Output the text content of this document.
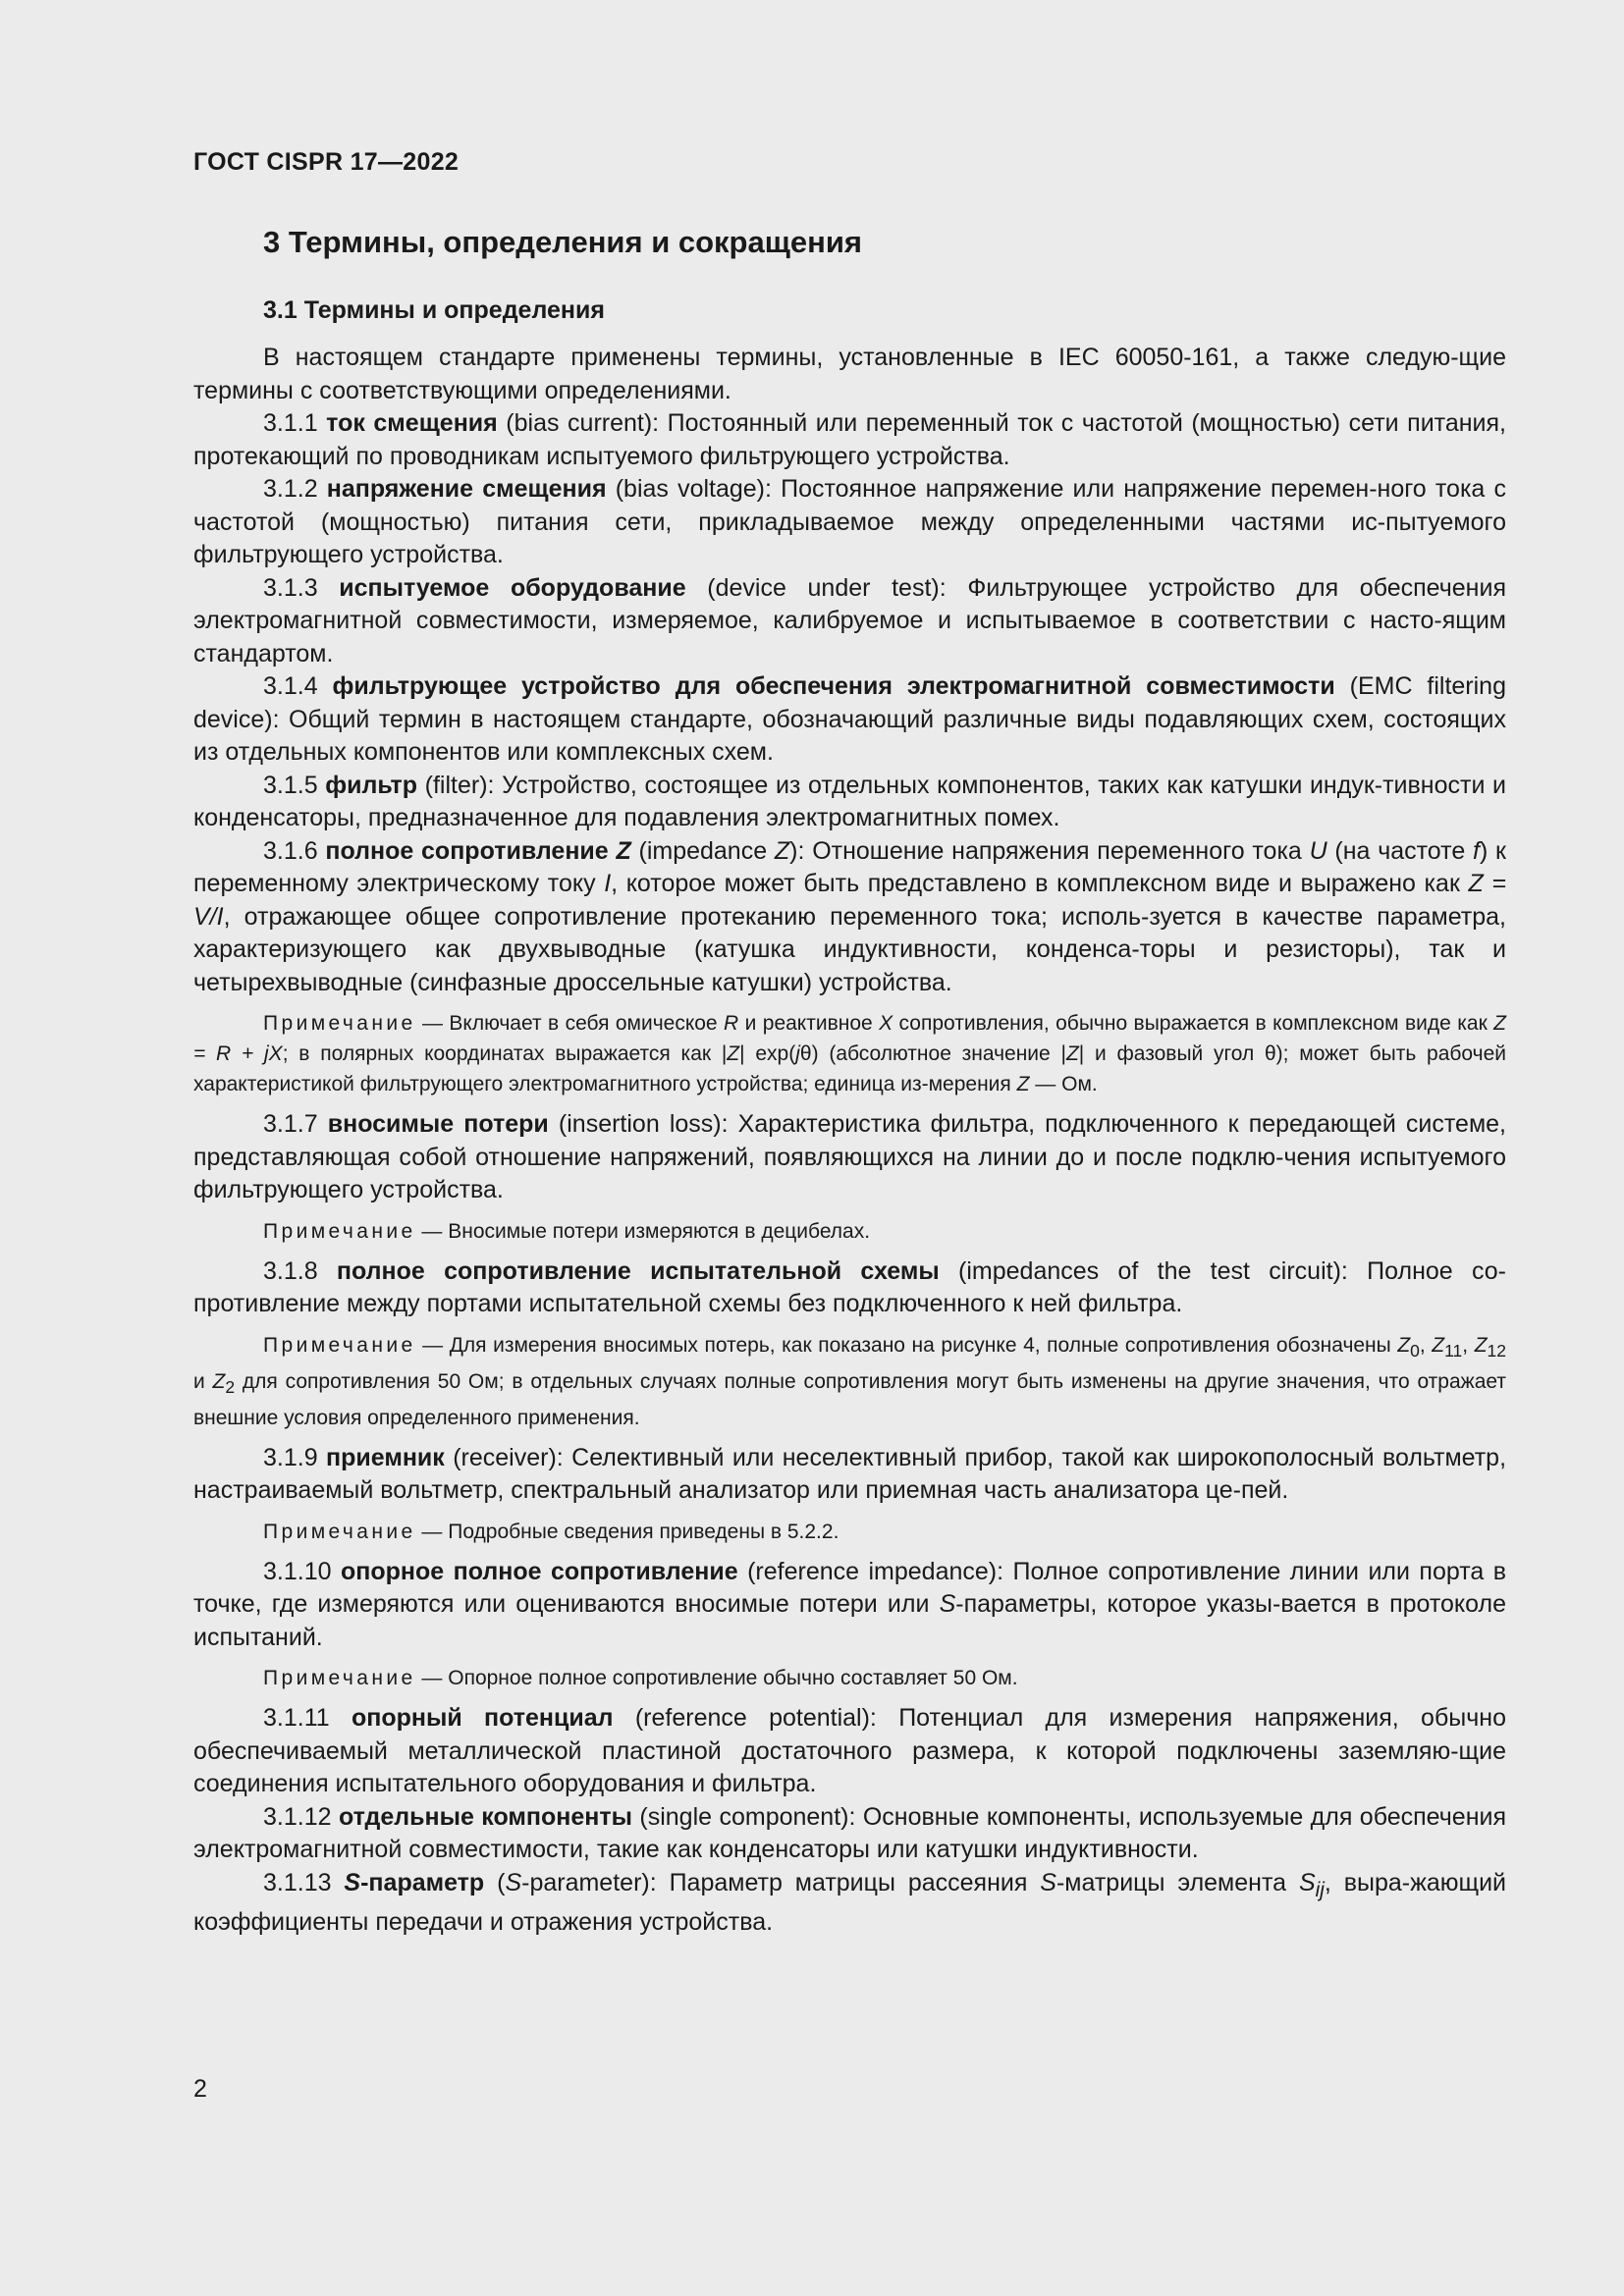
ГОСТ CISPR 17—2022
3 Термины, определения и сокращения
3.1 Термины и определения

В настоящем стандарте применены термины, установленные в IEC 60050-161, а также следую-щие термины с соответствующими определениями.

3.1.1 ток смещения (bias current): Постоянный или переменный ток с частотой (мощностью) сети питания, протекающий по проводникам испытуемого фильтрующего устройства.

3.1.2 напряжение смещения (bias voltage): Постоянное напряжение или напряжение перемен-ного тока с частотой (мощностью) питания сети, прикладываемое между определенными частями ис-пытуемого фильтрующего устройства.

3.1.3 испытуемое оборудование (device under test): Фильтрующее устройство для обеспечения электромагнитной совместимости, измеряемое, калибруемое и испытываемое в соответствии с насто-ящим стандартом.

3.1.4 фильтрующее устройство для обеспечения электромагнитной совместимости (EMC filtering device): Общий термин в настоящем стандарте, обозначающий различные виды подавляющих схем, состоящих из отдельных компонентов или комплексных схем.

3.1.5 фильтр (filter): Устройство, состоящее из отдельных компонентов, таких как катушки индук-тивности и конденсаторы, предназначенное для подавления электромагнитных помех.

3.1.6 полное сопротивление Z (impedance Z): Отношение напряжения переменного тока U (на частоте f) к переменному электрическому току I, которое может быть представлено в комплексном виде и выражено как Z = V/I, отражающее общее сопротивление протеканию переменного тока; исполь-зуется в качестве параметра, характеризующего как двухвыводные (катушка индуктивности, конденса-торы и резисторы), так и четырехвыводные (синфазные дроссельные катушки) устройства.

Примечание — Включает в себя омическое R и реактивное X сопротивления, обычно выражается в комплексном виде как Z = R + jX; в полярных координатах выражается как |Z| exp(jθ) (абсолютное значение |Z| и фазовый угол θ); может быть рабочей характеристикой фильтрующего электромагнитного устройства; единица из-мерения Z — Ом.

3.1.7 вносимые потери (insertion loss): Характеристика фильтра, подключенного к передающей системе, представляющая собой отношение напряжений, появляющихся на линии до и после подклю-чения испытуемого фильтрующего устройства.

Примечание — Вносимые потери измеряются в децибелах.

3.1.8 полное сопротивление испытательной схемы (impedances of the test circuit): Полное со-противление между портами испытательной схемы без подключенного к ней фильтра.

Примечание — Для измерения вносимых потерь, как показано на рисунке 4, полные сопротивления обозначены $Z_0$, $Z_{11}$, $Z_{12}$ и $Z_2$ для сопротивления 50 Ом; в отдельных случаях полные сопротивления могут быть изменены на другие значения, что отражает внешние условия определенного применения.

3.1.9 приемник (receiver): Селективный или неселективный прибор, такой как широкополосный вольтметр, настраиваемый вольтметр, спектральный анализатор или приемная часть анализатора це-пей.

Примечание — Подробные сведения приведены в 5.2.2.

3.1.10 опорное полное сопротивление (reference impedance): Полное сопротивление линии или порта в точке, где измеряются или оцениваются вносимые потери или S-параметры, которое указы-вается в протоколе испытаний.

Примечание — Опорное полное сопротивление обычно составляет 50 Ом.

3.1.11 опорный потенциал (reference potential): Потенциал для измерения напряжения, обычно обеспечиваемый металлической пластиной достаточного размера, к которой подключены заземляю-щие соединения испытательного оборудования и фильтра.

3.1.12 отдельные компоненты (single component): Основные компоненты, используемые для обеспечения электромагнитной совместимости, такие как конденсаторы или катушки индуктивности.

3.1.13 S-параметр (S-parameter): Параметр матрицы рассеяния S-матрицы элемента $S_{ij}$, выра-жающий коэффициенты передачи и отражения устройства.

2
